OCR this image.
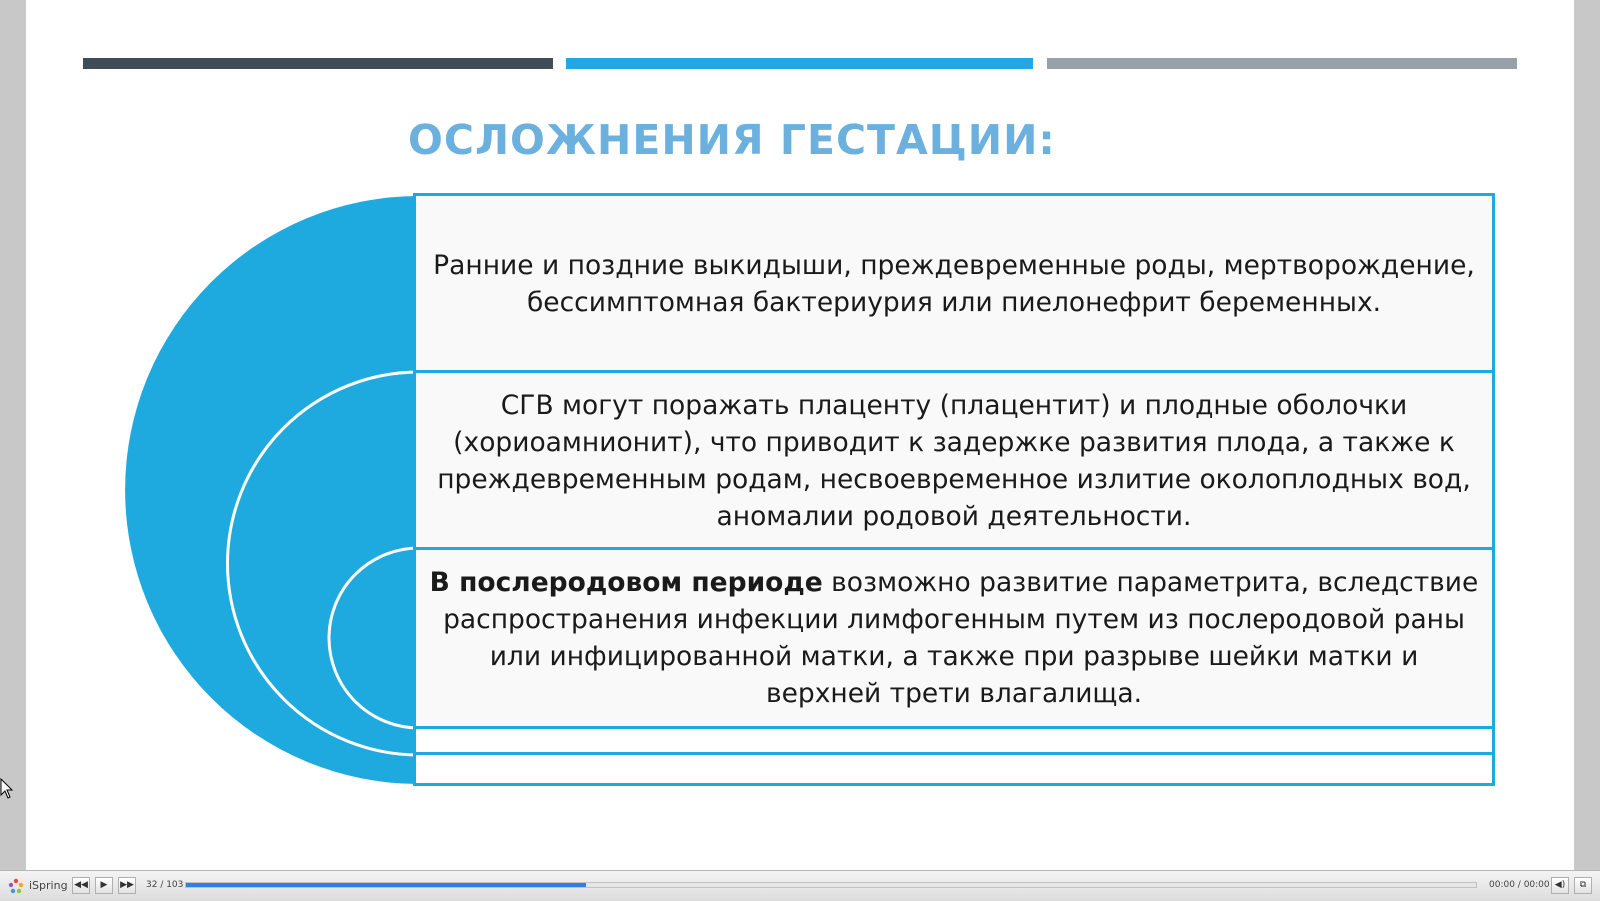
ОСЛОЖНЕНИЯ ГЕСТАЦИИ:
Ранние и поздние выкидыши, преждевременные роды, мертворождение, бессимптомная бактериурия или пиелонефрит беременных.
СГВ могут поражать плаценту (плацентит) и плодные оболочки (хориоамнионит), что приводит к задержке развития плода, а также к преждевременным родам, несвоевременное излитие околоплодных вод, аномалии родовой деятельности.
В послеродовом периоде возможно развитие параметрита, вследствие распространения инфекции лимфогенным путем из послеродовой раны или инфицированной матки, а также при разрыве шейки матки и верхней трети влагалища.
iSpring ◀◀	▶	▶▶ 32 / 103	00:00 / 00:00 ◀)	⧉
